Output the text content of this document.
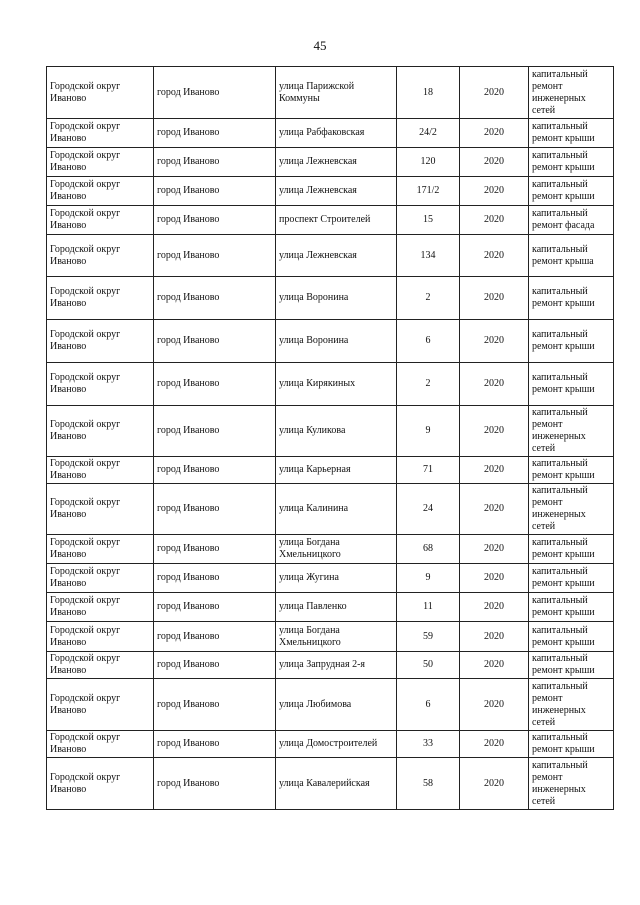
45
Городской округ Иваново	город Иваново	улица Парижской Коммуны	18	2020	капитальный ремонт инженерных сетей
Городской округ Иваново	город Иваново	улица Рабфаковская	24/2	2020	капитальный ремонт крыши
Городской округ Иваново	город Иваново	улица Лежневская	120	2020	капитальный ремонт крыши
Городской округ Иваново	город Иваново	улица Лежневская	171/2	2020	капитальный ремонт крыши
Городской округ Иваново	город Иваново	проспект Строителей	15	2020	капитальный ремонт фасада
Городской округ Иваново	город Иваново	улица Лежневская	134	2020	капитальный ремонт крыша
Городской округ Иваново	город Иваново	улица Воронина	2	2020	капитальный ремонт крыши
Городской округ Иваново	город Иваново	улица Воронина	6	2020	капитальный ремонт крыши
Городской округ Иваново	город Иваново	улица Кирякиных	2	2020	капитальный ремонт крыши
Городской округ Иваново	город Иваново	улица Куликова	9	2020	капитальный ремонт инженерных сетей
Городской округ Иваново	город Иваново	улица Карьерная	71	2020	капитальный ремонт крыши
Городской округ Иваново	город Иваново	улица Калинина	24	2020	капитальный ремонт инженерных сетей
Городской округ Иваново	город Иваново	улица Богдана Хмельницкого	68	2020	капитальный ремонт крыши
Городской округ Иваново	город Иваново	улица Жугина	9	2020	капитальный ремонт крыши
Городской округ Иваново	город Иваново	улица Павленко	11	2020	капитальный ремонт крыши
Городской округ Иваново	город Иваново	улица Богдана Хмельницкого	59	2020	капитальный ремонт крыши
Городской округ Иваново	город Иваново	улица Запрудная 2-я	50	2020	капитальный ремонт крыши
Городской округ Иваново	город Иваново	улица Любимова	6	2020	капитальный ремонт инженерных сетей
Городской округ Иваново	город Иваново	улица Домостроителей	33	2020	капитальный ремонт крыши
Городской округ Иваново	город Иваново	улица Кавалерийская	58	2020	капитальный ремонт инженерных сетей
